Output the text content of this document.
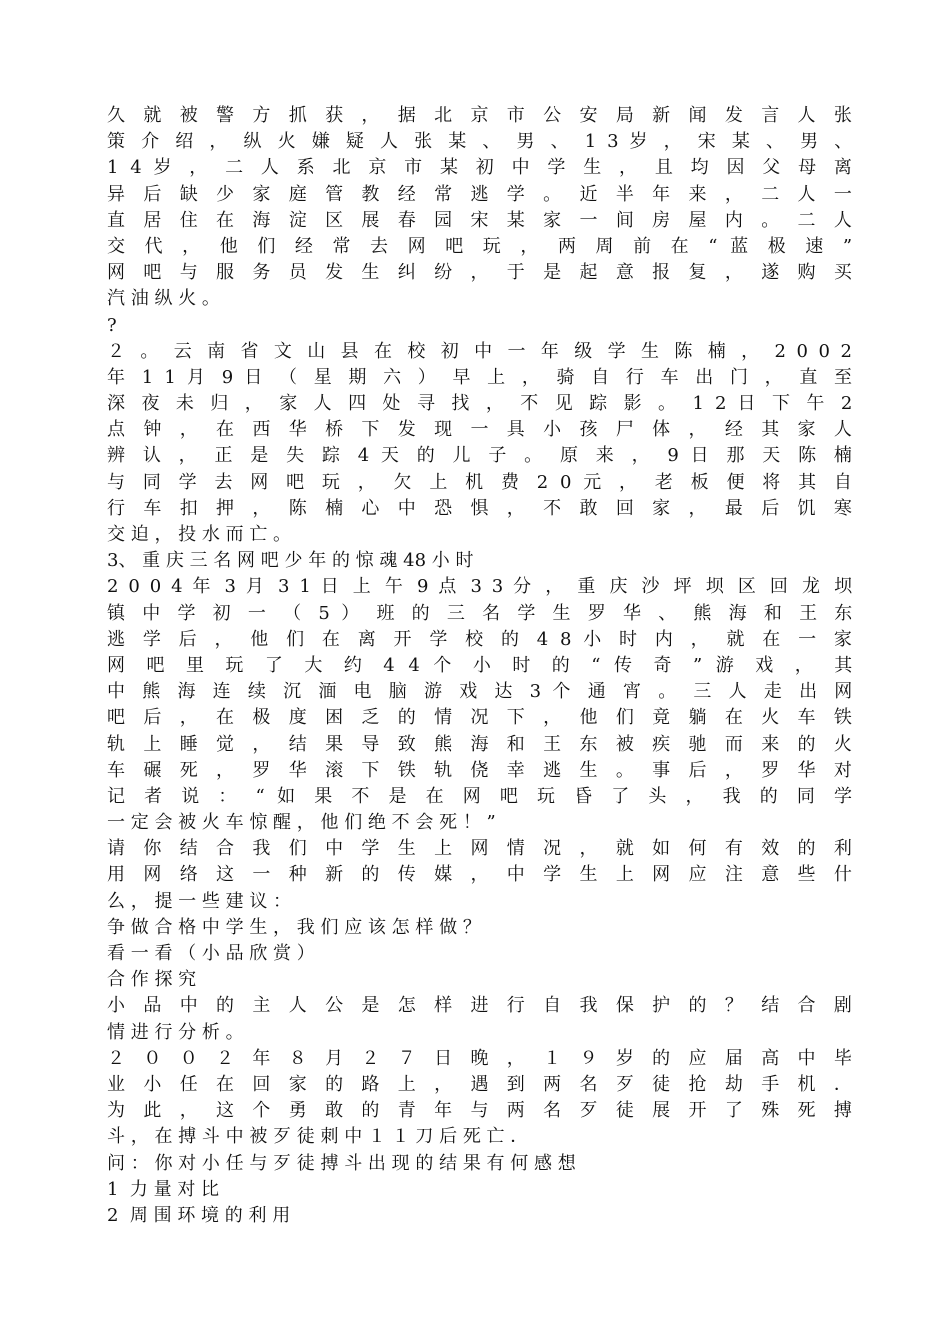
久 就 被 警 方 抓 获 ， 据 北 京 市 公 安 局 新 闻 发 言 人 张
策 介 绍 ， 纵 火 嫌 疑 人 张 某 、 男 、 1 3 岁 ， 宋 某 、 男 、
1 4 岁 ， 二 人 系 北 京 市 某 初 中 学 生 ， 且 均 因 父 母 离
异 后 缺 少 家 庭 管 教 经 常 逃 学 。 近 半 年 来 ， 二 人 一
直 居 住 在 海 淀 区 展 春 园 宋 某 家 一 间 房 屋 内 。 二 人
交 代 ， 他 们 经 常 去 网 吧 玩 ， 两 周 前 在 “ 蓝 极 速 ”
网 吧 与 服 务 员 发 生 纠 纷 ， 于 是 起 意 报 复 ， 遂 购 买
汽 油 纵 火 。
?
２ 。 云 南 省 文 山 县 在 校 初 中 一 年 级 学 生 陈 楠 ， 2 0 0 2
年 1 1 月 9 日 （ 星 期 六 ） 早 上 ， 骑 自 行 车 出 门 ， 直 至
深 夜 未 归 ， 家 人 四 处 寻 找 ， 不 见 踪 影 。 1 2 日 下 午 2
点 钟 ， 在 西 华 桥 下 发 现 一 具 小 孩 尸 体 ， 经 其 家 人
辨 认 ， 正 是 失 踪 4 天 的 儿 子 。 原 来 ， 9 日 那 天 陈 楠
与 同 学 去 网 吧 玩 ， 欠 上 机 费 2 0 元 ， 老 板 便 将 其 自
行 车 扣 押 ， 陈 楠 心 中 恐 惧 ， 不 敢 回 家 ， 最 后 饥 寒
交 迫 ， 投 水 而 亡 。
3、 重 庆 三 名 网 吧 少 年 的 惊 魂 48 小 时
2 0 0 4 年 3 月 3 1 日 上 午 9 点 3 3 分 ， 重 庆 沙 坪 坝 区 回 龙 坝
镇 中 学 初 一 （ 5 ） 班 的 三 名 学 生 罗 华 、 熊 海 和 王 东
逃 学 后 ， 他 们 在 离 开 学 校 的 4 8 小 时 内 ， 就 在 一 家
网 吧 里 玩 了 大 约 4 4 个 小 时 的 “ 传 奇 ” 游 戏 ， 其
中 熊 海 连 续 沉 湎 电 脑 游 戏 达 3 个 通 宵 。 三 人 走 出 网
吧 后 ， 在 极 度 困 乏 的 情 况 下 ， 他 们 竟 躺 在 火 车 铁
轨 上 睡 觉 ， 结 果 导 致 熊 海 和 王 东 被 疾 驰 而 来 的 火
车 碾 死 ， 罗 华 滚 下 铁 轨 侥 幸 逃 生 。 事 后 ， 罗 华 对
记 者 说 ： “ 如 果 不 是 在 网 吧 玩 昏 了 头 ， 我 的 同 学
一 定 会 被 火 车 惊 醒 ， 他 们 绝 不 会 死 ！ ”
请 你 结 合 我 们 中 学 生 上 网 情 况 ， 就 如 何 有 效 的 利
用 网 络 这 一 种 新 的 传 媒 ， 中 学 生 上 网 应 注 意 些 什
么 ， 提 一 些 建 议 ：
争 做 合 格 中 学 生 ， 我 们 应 该 怎 样 做 ？
看 一 看 （ 小 品 欣 赏 ）
合 作 探 究
小 品 中 的 主 人 公 是 怎 样 进 行 自 我 保 护 的 ？ 结 合 剧
情 进 行 分 析 。
２ ０ ０ ２ 年 ８ 月 ２ ７ 日 晚 ， １ ９ 岁 的 应 届 高 中 毕
业 小 任 在 回 家 的 路 上 ， 遇 到 两 名 歹 徒 抢 劫 手 机 ．
为 此 ， 这 个 勇 敢 的 青 年 与 两 名 歹 徒 展 开 了 殊 死 搏
斗 ， 在 搏 斗 中 被 歹 徒 刺 中 １ １ 刀 后 死 亡 ．
问 ： 你 对 小 任 与 歹 徒 搏 斗 出 现 的 结 果 有 何 感 想
1  力 量 对 比
2  周 围 环 境 的 利 用
